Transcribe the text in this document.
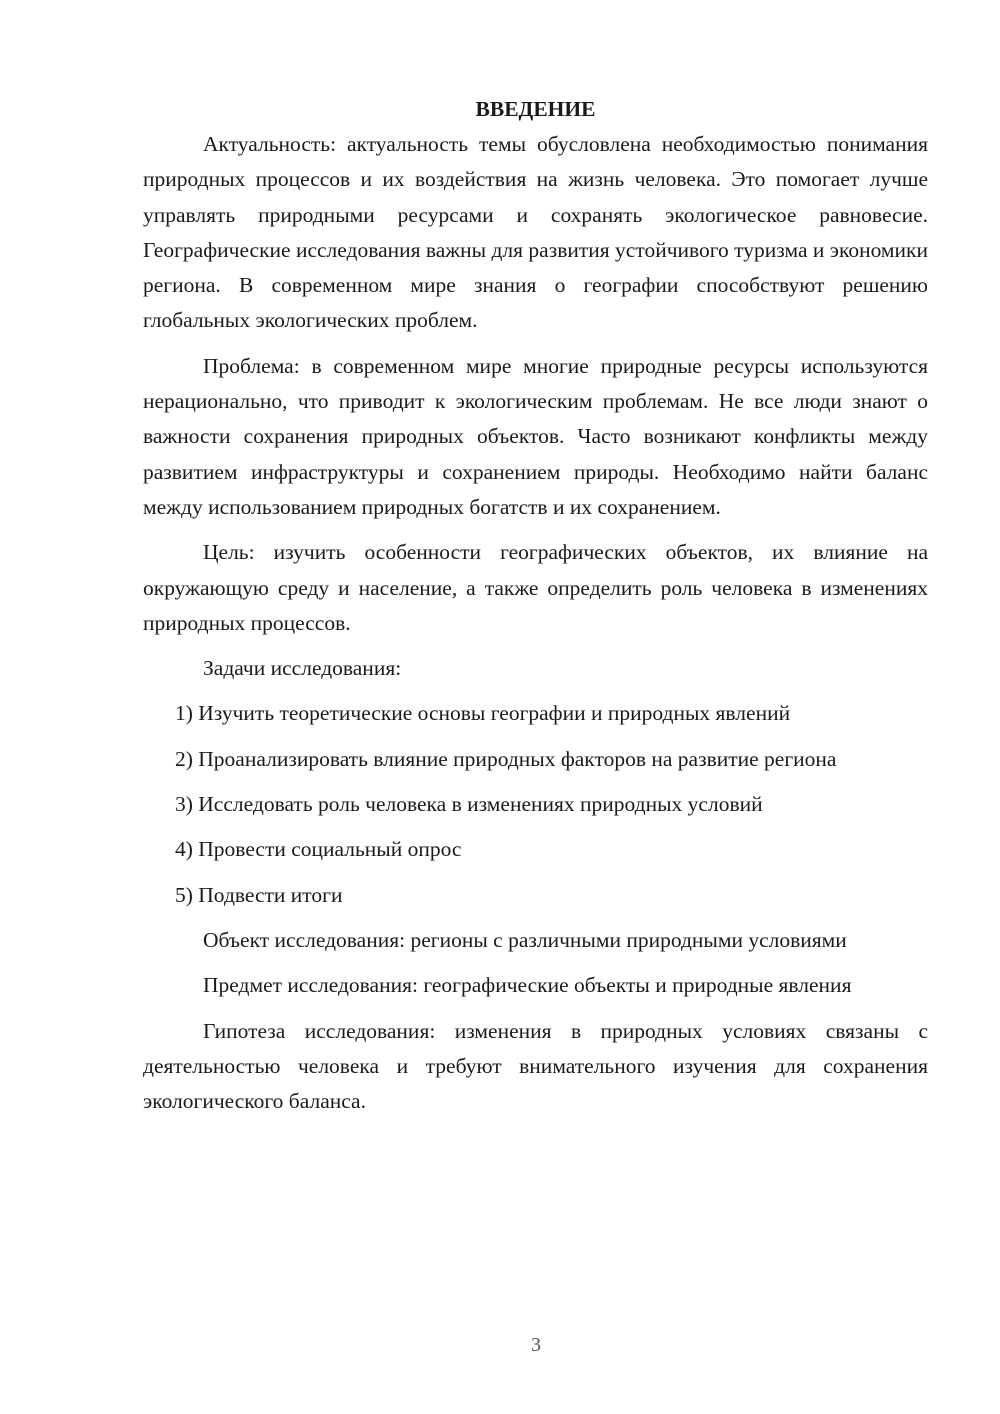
ВВЕДЕНИЕ

Актуальность: актуальность темы обусловлена необходимостью понимания природных процессов и их воздействия на жизнь человека. Это помогает лучше управлять природными ресурсами и сохранять экологическое равновесие. Географические исследования важны для развития устойчивого туризма и экономики региона. В современном мире знания о географии способствуют решению глобальных экологических проблем.

Проблема: в современном мире многие природные ресурсы используются нерационально, что приводит к экологическим проблемам. Не все люди знают о важности сохранения природных объектов. Часто возникают конфликты между развитием инфраструктуры и сохранением природы. Необходимо найти баланс между использованием природных богатств и их сохранением.

Цель: изучить особенности географических объектов, их влияние на окружающую среду и население, а также определить роль человека в изменениях природных процессов.

Задачи исследования:

1) Изучить теоретические основы географии и природных явлений

2) Проанализировать влияние природных факторов на развитие региона

3) Исследовать роль человека в изменениях природных условий

4) Провести социальный опрос

5) Подвести итоги

Объект исследования: регионы с различными природными условиями

Предмет исследования: географические объекты и природные явления

Гипотеза исследования: изменения в природных условиях связаны с деятельностью человека и требуют внимательного изучения для сохранения экологического баланса.

3
